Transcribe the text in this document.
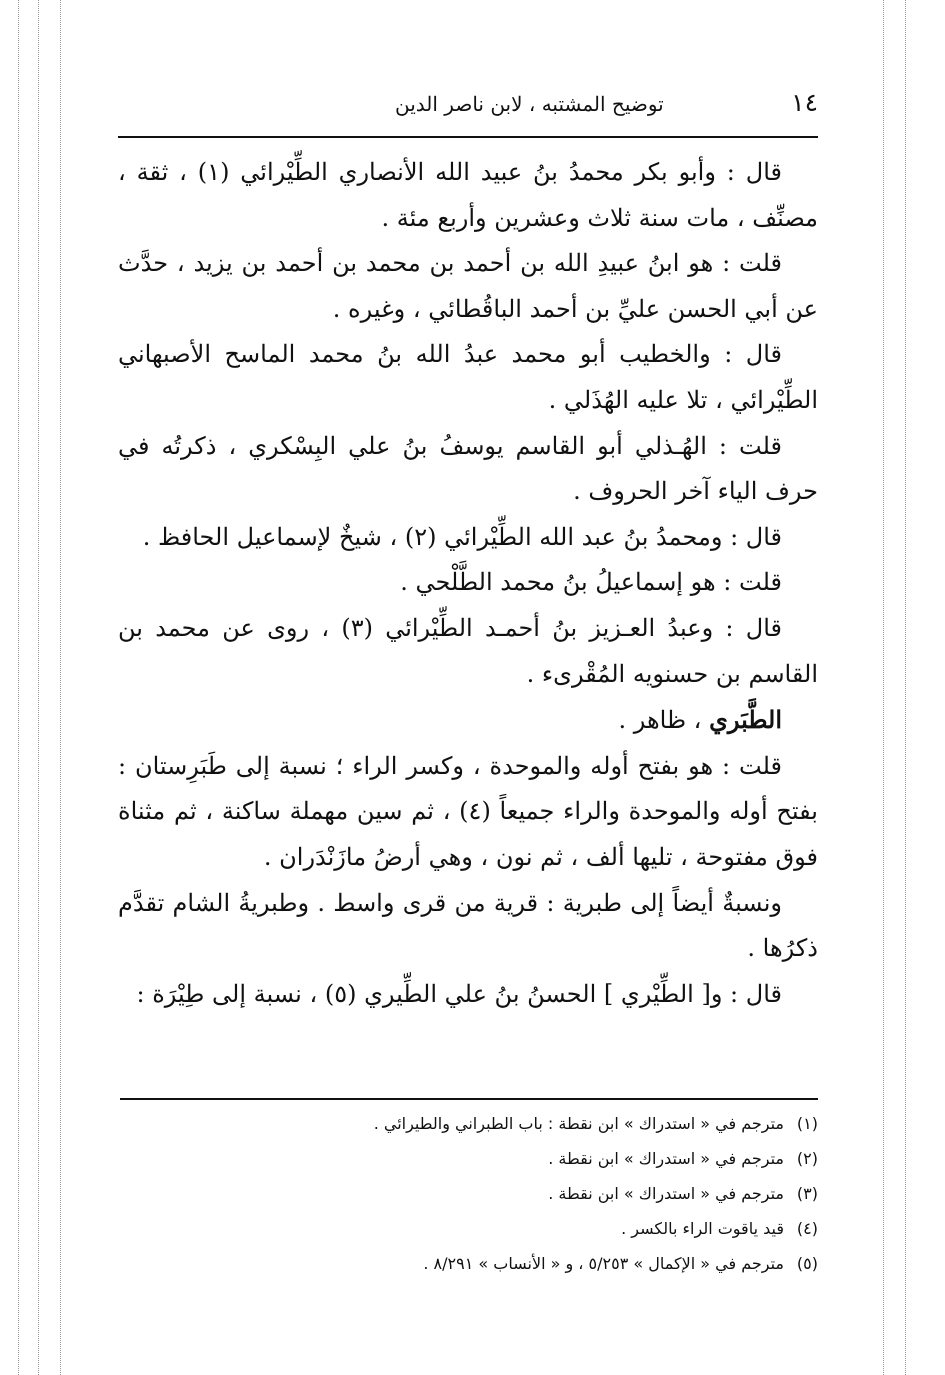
١٤
توضيح المشتبه ، لابن ناصر الدين

قال : وأبو بكر محمدُ بنُ عبيد الله الأنصاري الطِّيْرائي (١) ، ثقة ، مصنِّف ، مات سنة ثلاث وعشرين وأربع مئة .

قلت : هو ابنُ عبيدِ الله بن أحمد بن محمد بن أحمد بن يزيد ، حدَّث عن أبي الحسن عليِّ بن أحمد الباقُطائي ، وغيره .

قال : والخطيب أبو محمد عبدُ الله بنُ محمد الماسح الأصبهاني الطِّيْرائي ، تلا عليه الهُذَلي .

قلت : الهُـذلي أبو القاسم يوسفُ بنُ علي البِسْكري ، ذكرتُه في حرف الياء آخر الحروف .

قال : ومحمدُ بنُ عبد الله الطِّيْرائي (٢) ، شيخٌ لإسماعيل الحافظ .

قلت : هو إسماعيلُ بنُ محمد الطَّلْحي .

قال : وعبدُ العـزيز بنُ أحمـد الطِّيْرائي (٣) ، روى عن محمد بن القاسم بن حسنويه المُقْرىء .

الطَّبَري ، ظاهر .

قلت : هو بفتح أوله والموحدة ، وكسر الراء ؛ نسبة إلى طَبَرِستان : بفتح أوله والموحدة والراء جميعاً (٤) ، ثم سين مهملة ساكنة ، ثم مثناة فوق مفتوحة ، تليها ألف ، ثم نون ، وهي أرضُ مازَنْدَران .

ونسبةٌ أيضاً إلى طبرية : قرية من قرى واسط . وطبريةُ الشام تقدَّم ذكرُها .

قال : و[ الطِّيْري ] الحسنُ بنُ علي الطِّيري (٥) ، نسبة إلى طِيْرَة :

(١)مترجم في « استدراك » ابن نقطة : باب الطبراني والطيرائي .
(٢)مترجم في « استدراك » ابن نقطة .
(٣)مترجم في « استدراك » ابن نقطة .
(٤)قيد ياقوت الراء بالكسر .
(٥)مترجم في « الإكمال » ٥/٢٥٣ ، و « الأنساب » ٨/٢٩١ .
